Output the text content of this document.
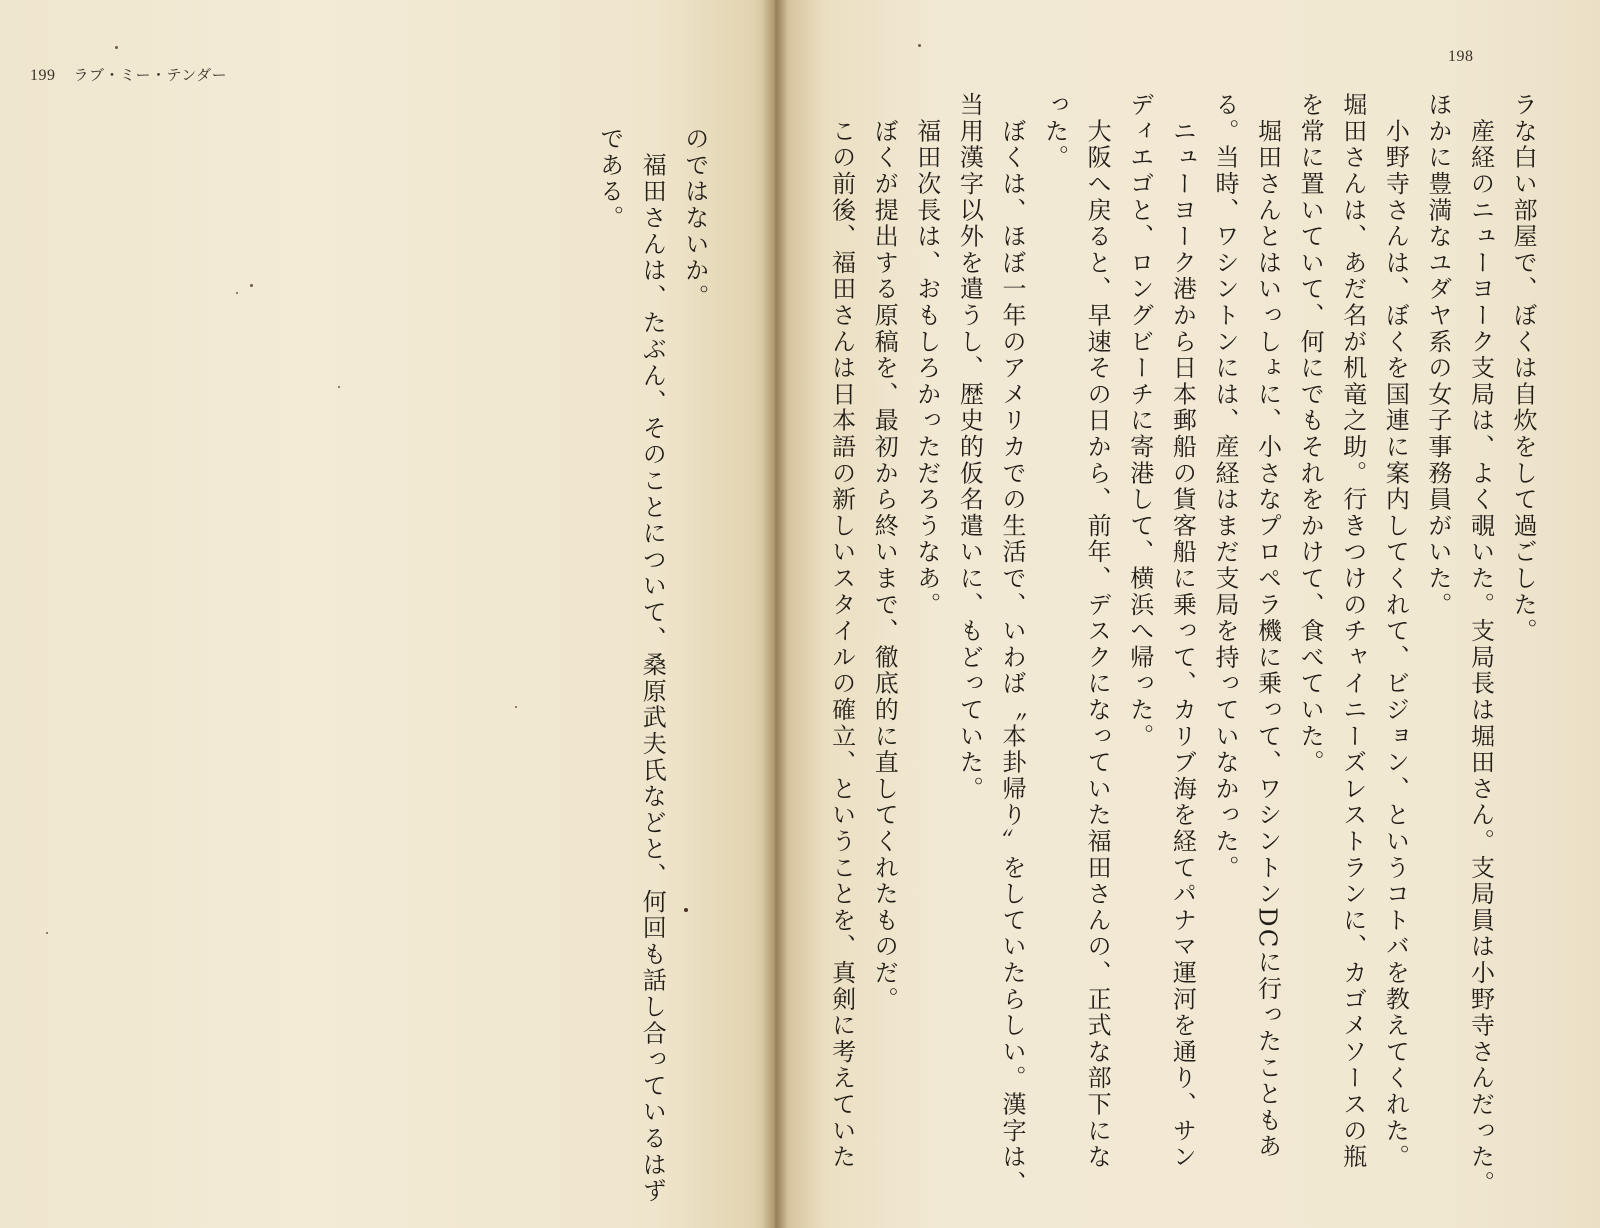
199 ラブ・ミー・テンダー

のではないか。

　福田さんは、たぶん、そのことについて、桑原武夫氏などと、何回も話し合っているはず

である。

198

ラな白い部屋で、ぼくは自炊をして過ごした。

　産経のニューヨーク支局は、よく覗いた。支局長は堀田さん。支局員は小野寺さんだった。

ほかに豊満なユダヤ系の女子事務員がいた。

　小野寺さんは、ぼくを国連に案内してくれて、ビジョン、というコトバを教えてくれた。

堀田さんは、あだ名が机竜之助。行きつけのチャイニーズレストランに、カゴメソースの瓶

を常に置いていて、何にでもそれをかけて、食べていた。

　堀田さんとはいっしょに、小さなプロペラ機に乗って、ワシントンDCに行ったこともあ

る。当時、ワシントンには、産経はまだ支局を持っていなかった。

　ニューヨーク港から日本郵船の貨客船に乗って、カリブ海を経てパナマ運河を通り、サン

ディエゴと、ロングビーチに寄港して、横浜へ帰った。

　大阪へ戻ると、早速その日から、前年、デスクになっていた福田さんの、正式な部下にな

った。

　ぼくは、ほぼ一年のアメリカでの生活で、いわば〝本卦帰り〟をしていたらしい。漢字は、

当用漢字以外を遣うし、歴史的仮名遣いに、もどっていた。

　福田次長は、おもしろかっただろうなあ。

　ぼくが提出する原稿を、最初から終いまで、徹底的に直してくれたものだ。

　この前後、福田さんは日本語の新しいスタイルの確立、ということを、真剣に考えていた
